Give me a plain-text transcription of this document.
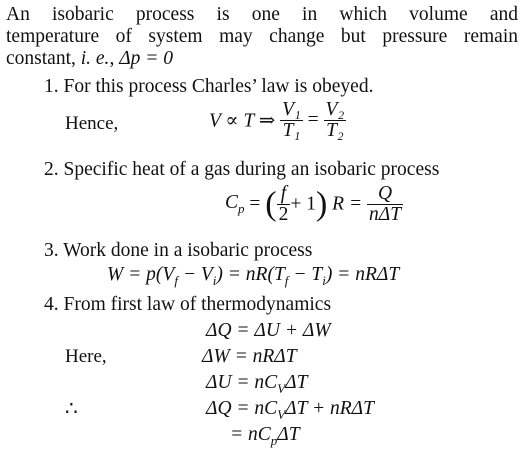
An isobaric process is one in which volume and
temperature of system may change but pressure remain
constant, i. e., Δp = 0
1. For this process Charles’ law is obeyed.
Hence,	V ∝ T ⇒ $\frac{\text{V₁}}{\text{T₁}} = \frac{\text{V₂}}{\text{T₂}}$
2. Specific heat of a gas during an isobaric process
$C_p$ = ( $\frac{f}{2} + 1$) $R = \frac{Q}{\text{nΔT}}$
3. Work done in a isobaric process
$W = p(V_f - V_i) = nR(T_f - T_i) = nR\Delta T$
4. From first law of thermodynamics
ΔQ = ΔU + ΔW
Here,	ΔW = nRΔT
$\Delta U = nC_V\Delta T$
∴	$\Delta Q = nC_V\Delta T + nR\Delta T$
= $nC_p\Delta T$
